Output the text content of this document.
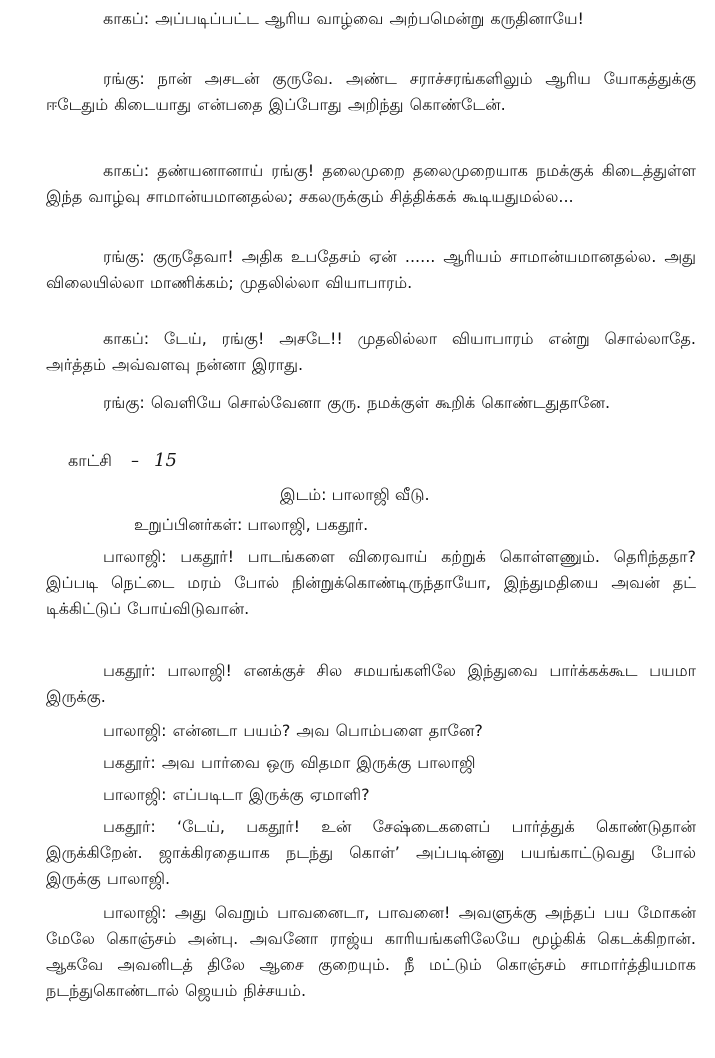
காகப்: அப்படிப்பட்ட ஆரிய வாழ்வை அற்பமென்று கருதினாயே!

ரங்கு: நான் அசடன் குருவே. அண்ட சராச்சரங்களிலும் ஆரிய யோகத்துக்கு ஈடேதும் கிடையாது என்பதை இப்போது அறிந்து கொண்டேன்.

காகப்: தண்யனானாய் ரங்கு! தலைமுறை தலைமுறையாக நமக்குக் கிடைத்துள்ள இந்த வாழ்வு சாமான்யமானதல்ல; சகலருக்கும் சித்திக்கக் கூடியதுமல்ல...

ரங்கு: குருதேவா! அதிக உபதேசம் ஏன் ...... ஆரியம் சாமான்யமானதல்ல. அது விலையில்லா மாணிக்கம்; முதலில்லா வியாபாரம்.

காகப்: டேய், ரங்கு! அசடே!! முதலில்லா வியாபாரம் என்று சொல்லாதே. அர்த்தம் அவ்வளவு நன்னா இராது.

ரங்கு: வெளியே சொல்வேனா குரு. நமக்குள் கூறிக் கொண்டதுதானே.

காட்சி – 15

இடம்: பாலாஜி வீடு.

உறுப்பினர்கள்: பாலாஜி, பகதூர்.

பாலாஜி: பகதூர்! பாடங்களை விரைவாய் கற்றுக் கொள்ளணும். தெரிந்ததா? இப்படி நெட்டை மரம் போல் நின்றுக்கொண்டிருந்தாயோ, இந்துமதியை அவன் தட் டிக்கிட்டுப் போய்விடுவான்.

பகதூர்: பாலாஜி! எனக்குச் சில சமயங்களிலே இந்துவை பார்க்கக்கூட பயமா இருக்கு.

பாலாஜி: என்னடா பயம்? அவ பொம்பளை தானே?

பகதூர்: அவ பார்வை ஒரு விதமா இருக்கு பாலாஜி

பாலாஜி: எப்படிடா இருக்கு ஏமாளி?

பகதூர்: ‘டேய், பகதூர்! உன் சேஷ்டைகளைப் பார்த்துக் கொண்டுதான் இருக்கிறேன். ஜாக்கிரதையாக நடந்து கொள்’ அப்படின்னு பயங்காட்டுவது போல் இருக்கு பாலாஜி.

பாலாஜி: அது வெறும் பாவனைடா, பாவனை! அவளுக்கு அந்தப் பய மோகன் மேலே கொஞ்சம் அன்பு. அவனோ ராஜ்ய காரியங்களிலேயே மூழ்கிக் கெடக்கிறான். ஆகவே அவனிடத் திலே ஆசை குறையும். நீ மட்டும் கொஞ்சம் சாமார்த்தியமாக நடந்துகொண்டால் ஜெயம் நிச்சயம்.
